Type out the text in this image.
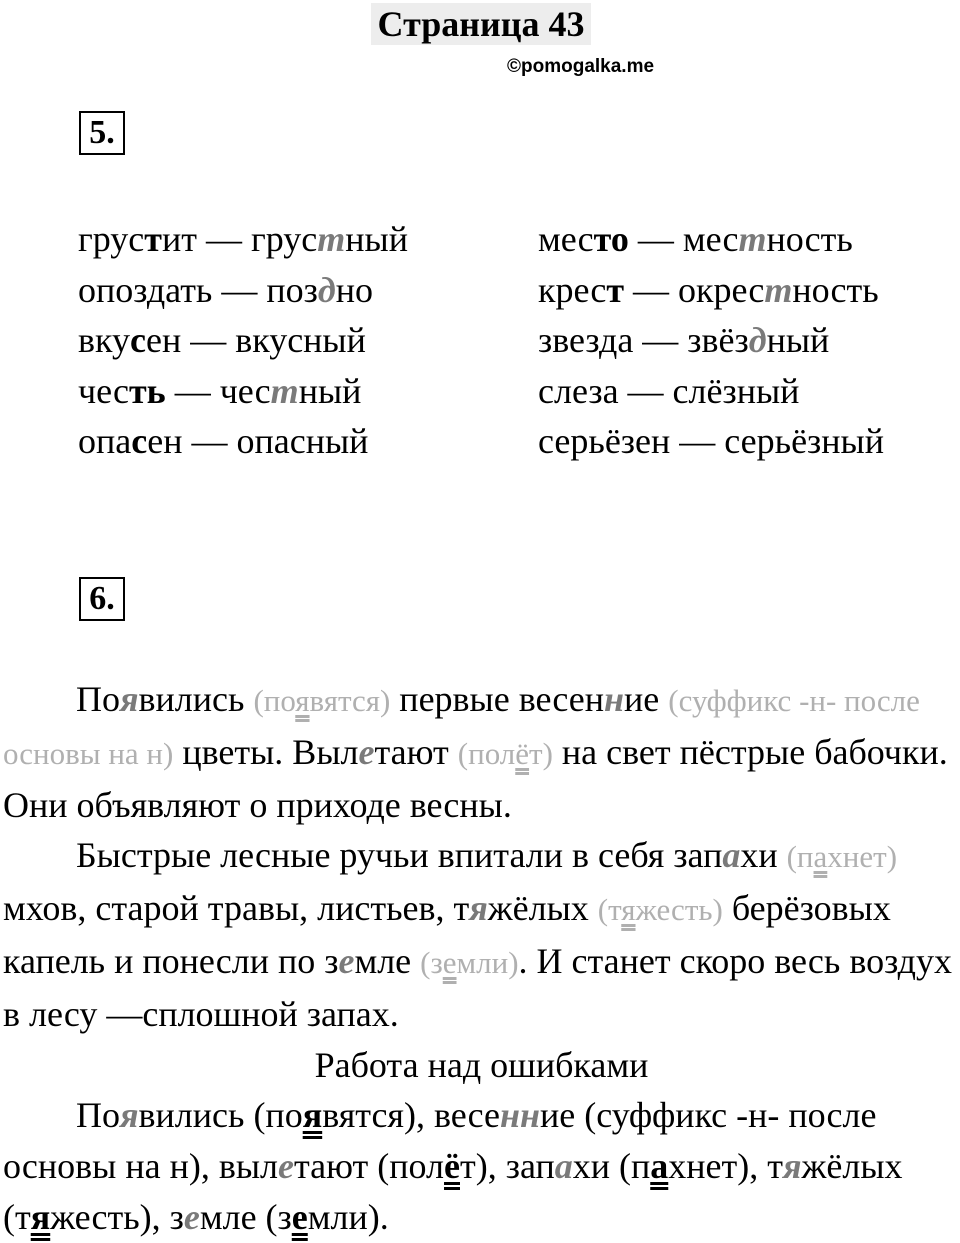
Страница 43
©pomogalka.me
5.
грустит — грустный
опоздать — поздно
вкусен — вкусный
честь — честный
опасен — опасный
место — местность
крест — окрестность
звезда — звёздный
слеза — слёзный
серьёзен — серьёзный
6.

Появились (появятся) первые весенние (суффикс -н- после основы на н) цветы. Вылетают (полёт) на свет пёстрые бабочки. Они объявляют о приходе весны.

Быстрые лесные ручьи впитали в себя запахи (пахнет) мхов, старой травы, листьев, тяжёлых (тяжесть) берёзовых капель и понесли по земле (земли). И станет скоро весь воздух в лесу —сплошной запах.

Работа над ошибками

Появились (появятся), весенние (суффикс -н- после основы на н), вылетают (полёт), запахи (пахнет), тяжёлых (тяжесть), земле (земли).
